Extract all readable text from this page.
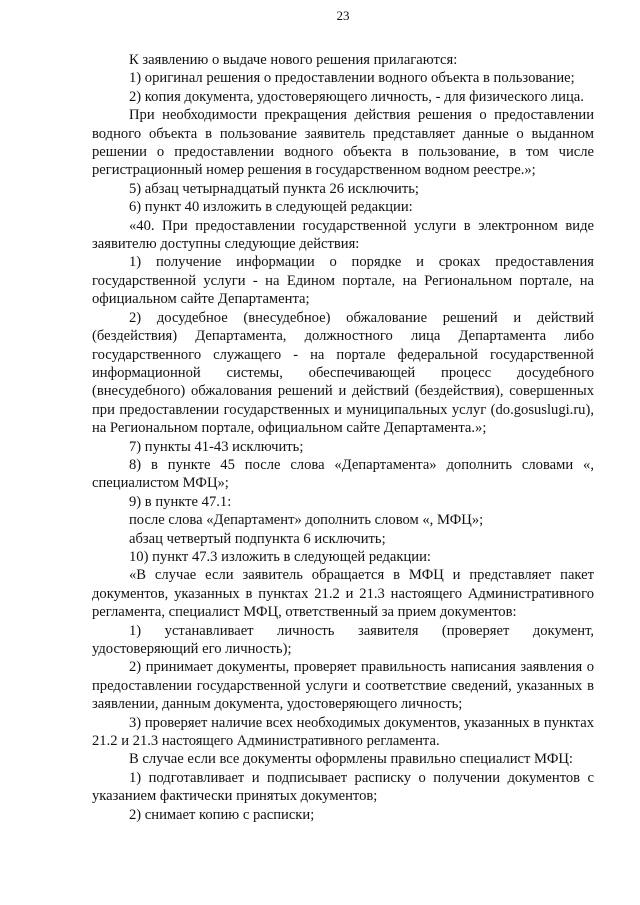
23

К заявлению о выдаче нового решения прилагаются:

1) оригинал решения о предоставлении водного объекта в пользование;

2) копия документа, удостоверяющего личность, - для физического лица.

При необходимости прекращения действия решения о предоставлении водного объекта в пользование заявитель представляет данные о выданном решении о предоставлении водного объекта в пользование, в том числе регистрационный номер решения в государственном водном реестре.»;

5) абзац четырнадцатый пункта 26 исключить;

6) пункт 40 изложить в следующей редакции:

«40. При предоставлении государственной услуги в электронном виде заявителю доступны следующие действия:

1) получение информации о порядке и сроках предоставления государственной услуги - на Едином портале, на Региональном портале, на официальном сайте Департамента;

2) досудебное (внесудебное) обжалование решений и действий (бездействия) Департамента, должностного лица Департамента либо государственного служащего - на портале федеральной государственной информационной системы, обеспечивающей процесс досудебного (внесудебного) обжалования решений и действий (бездействия), совершенных при предоставлении государственных и муниципальных услуг (do.gosuslugi.ru), на Региональном портале, официальном сайте Департамента.»;

7) пункты 41-43 исключить;

8) в пункте 45 после слова «Департамента» дополнить словами «, специалистом МФЦ»;

9) в пункте 47.1:

после слова «Департамент» дополнить словом «, МФЦ»;

абзац четвертый подпункта 6 исключить;

10) пункт 47.3 изложить в следующей редакции:

«В случае если заявитель обращается в МФЦ и представляет пакет документов, указанных в пунктах 21.2 и 21.3 настоящего Административного регламента, специалист МФЦ, ответственный за прием документов:

1) устанавливает личность заявителя (проверяет документ, удостоверяющий его личность);

2) принимает документы, проверяет правильность написания заявления о предоставлении государственной услуги и соответствие сведений, указанных в заявлении, данным документа, удостоверяющего личность;

3) проверяет наличие всех необходимых документов, указанных в пунктах 21.2 и 21.3 настоящего Административного регламента.

В случае если все документы оформлены правильно специалист МФЦ:

1) подготавливает и подписывает расписку о получении документов с указанием фактически принятых документов;

2) снимает копию с расписки;
